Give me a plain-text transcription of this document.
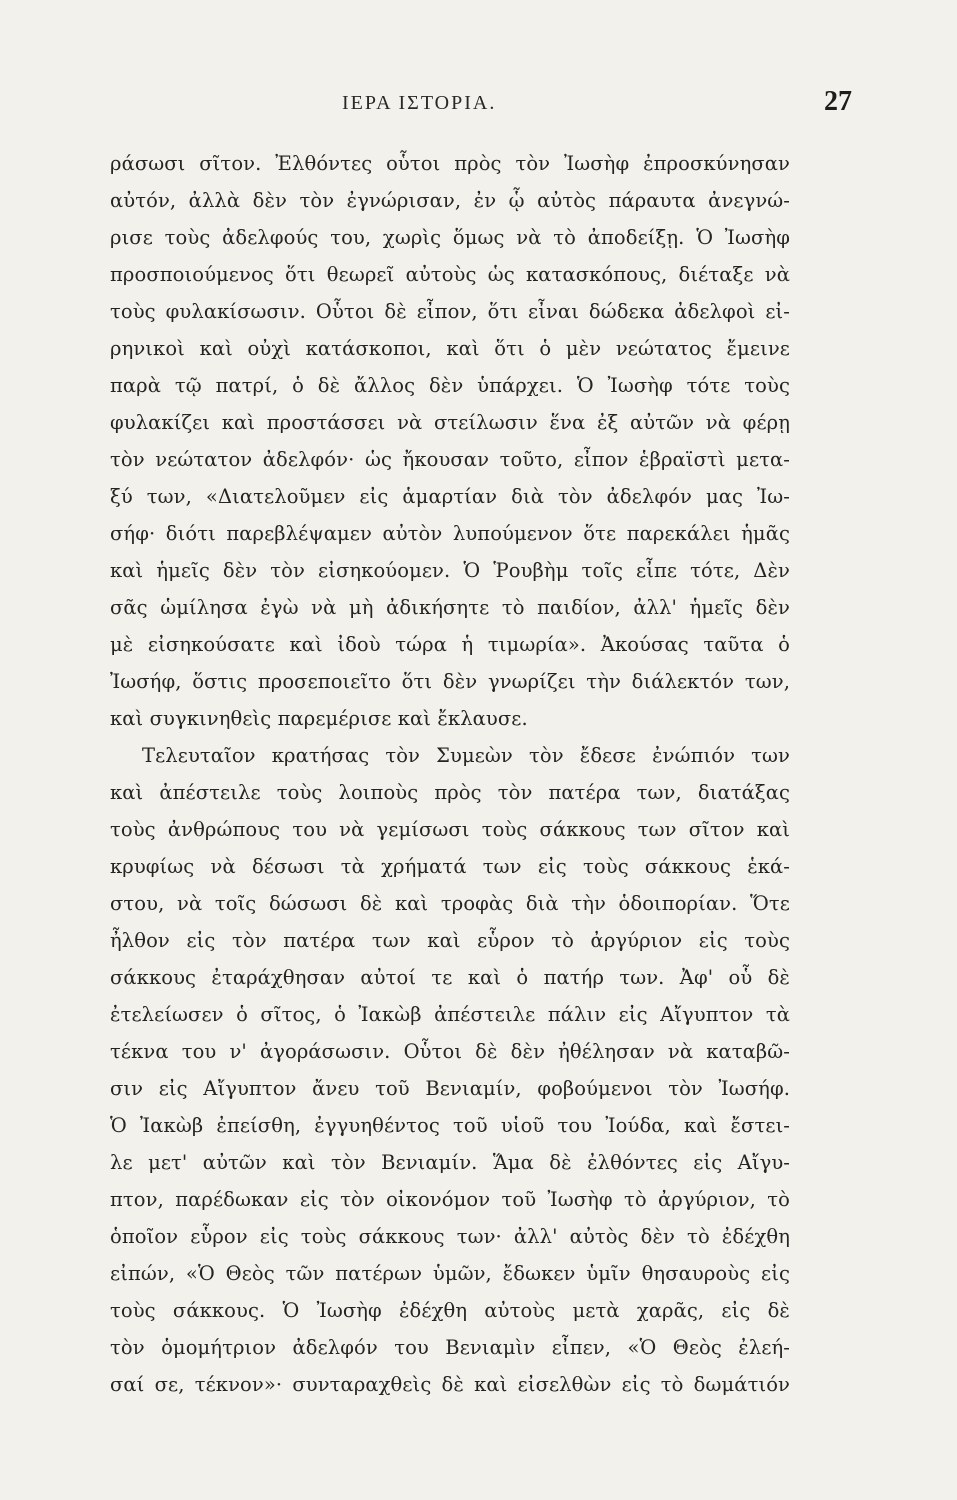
ΙΕΡΑ ΙΣΤΟΡΙΑ.	27
ράσωσι σῖτον. Ἐλθόντες οὗτοι πρὸς τὸν Ἰωσὴφ ἐπροσκύνησαν
αὐτόν, ἀλλὰ δὲν τὸν ἐγνώρισαν, ἐν ᾧ αὐτὸς πάραυτα ἀνεγνώ-
ρισε τοὺς ἀδελφούς του, χωρὶς ὅμως νὰ τὸ ἀποδείξῃ. Ὁ Ἰωσὴφ
προσποιούμενος ὅτι θεωρεῖ αὐτοὺς ὡς κατασκόπους, διέταξε νὰ
τοὺς φυλακίσωσιν. Οὗτοι δὲ εἶπον, ὅτι εἶναι δώδεκα ἀδελφοὶ εἰ-
ρηνικοὶ καὶ οὐχὶ κατάσκοποι, καὶ ὅτι ὁ μὲν νεώτατος ἔμεινε
παρὰ τῷ πατρί, ὁ δὲ ἄλλος δὲν ὑπάρχει. Ὁ Ἰωσὴφ τότε τοὺς
φυλακίζει καὶ προστάσσει νὰ στείλωσιν ἕνα ἐξ αὐτῶν νὰ φέρῃ
τὸν νεώτατον ἀδελφόν· ὡς ἤκουσαν τοῦτο, εἶπον ἑβραϊστὶ μετα-
ξύ των, «Διατελοῦμεν εἰς ἁμαρτίαν διὰ τὸν ἀδελφόν μας Ἰω-
σήφ· διότι παρεβλέψαμεν αὐτὸν λυπούμενον ὅτε παρεκάλει ἡμᾶς
καὶ ἡμεῖς δὲν τὸν εἰσηκούομεν. Ὁ Ῥουβὴμ τοῖς εἶπε τότε, Δὲν
σᾶς ὡμίλησα ἐγὼ νὰ μὴ ἀδικήσητε τὸ παιδίον, ἀλλ' ἡμεῖς δὲν
μὲ εἰσηκούσατε καὶ ἰδοὺ τώρα ἡ τιμωρία». Ἀκούσας ταῦτα ὁ
Ἰωσήφ, ὅστις προσεποιεῖτο ὅτι δὲν γνωρίζει τὴν διάλεκτόν των,
καὶ συγκινηθεὶς παρεμέρισε καὶ ἔκλαυσε.
Τελευταῖον κρατήσας τὸν Συμεὼν τὸν ἔδεσε ἐνώπιόν των
καὶ ἀπέστειλε τοὺς λοιποὺς πρὸς τὸν πατέρα των, διατάξας
τοὺς ἀνθρώπους του νὰ γεμίσωσι τοὺς σάκκους των σῖτον καὶ
κρυφίως νὰ δέσωσι τὰ χρήματά των εἰς τοὺς σάκκους ἑκά-
στου, νὰ τοῖς δώσωσι δὲ καὶ τροφὰς διὰ τὴν ὁδοιπορίαν. Ὅτε
ἦλθον εἰς τὸν πατέρα των καὶ εὗρον τὸ ἀργύριον εἰς τοὺς
σάκκους ἐταράχθησαν αὐτοί τε καὶ ὁ πατήρ των. Ἀφ' οὗ δὲ
ἐτελείωσεν ὁ σῖτος, ὁ Ἰακὼβ ἀπέστειλε πάλιν εἰς Αἴγυπτον τὰ
τέκνα του ν' ἀγοράσωσιν. Οὗτοι δὲ δὲν ἠθέλησαν νὰ καταβῶ-
σιν εἰς Αἴγυπτον ἄνευ τοῦ Βενιαμίν, φοβούμενοι τὸν Ἰωσήφ.
Ὁ Ἰακὼβ ἐπείσθη, ἐγγυηθέντος τοῦ υἱοῦ του Ἰούδα, καὶ ἔστει-
λε μετ' αὐτῶν καὶ τὸν Βενιαμίν. Ἅμα δὲ ἐλθόντες εἰς Αἴγυ-
πτον, παρέδωκαν εἰς τὸν οἰκονόμον τοῦ Ἰωσὴφ τὸ ἀργύριον, τὸ
ὁποῖον εὗρον εἰς τοὺς σάκκους των· ἀλλ' αὐτὸς δὲν τὸ ἐδέχθη
εἰπών, «Ὁ Θεὸς τῶν πατέρων ὑμῶν, ἔδωκεν ὑμῖν θησαυροὺς εἰς
τοὺς σάκκους. Ὁ Ἰωσὴφ ἐδέχθη αὐτοὺς μετὰ χαρᾶς, εἰς δὲ
τὸν ὁμομήτριον ἀδελφόν του Βενιαμὶν εἶπεν, «Ὁ Θεὸς ἐλεή-
σαί σε, τέκνον»· συνταραχθεὶς δὲ καὶ εἰσελθὼν εἰς τὸ δωμάτιόν
